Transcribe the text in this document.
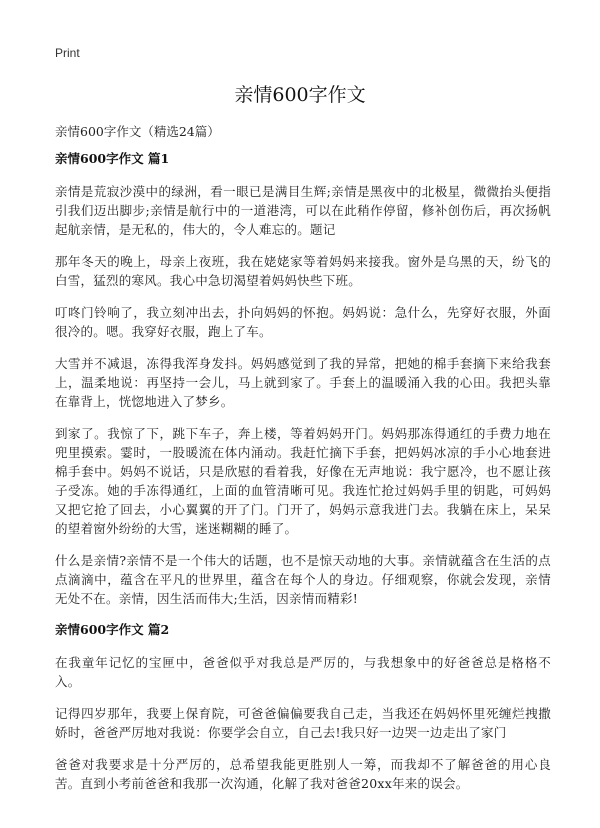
Print
亲情600字作文
亲情600字作文（精选24篇）
亲情600字作文 篇1

亲情是荒寂沙漠中的绿洲，看一眼已是满目生辉;亲情是黑夜中的北极星，微微抬头便指引我们迈出脚步;亲情是航行中的一道港湾，可以在此稍作停留，修补创伤后，再次扬帆起航亲情，是无私的，伟大的，令人难忘的。题记

那年冬天的晚上，母亲上夜班，我在姥姥家等着妈妈来接我。窗外是乌黑的天，纷飞的白雪，猛烈的寒风。我心中急切渴望着妈妈快些下班。

叮咚门铃响了，我立刻冲出去，扑向妈妈的怀抱。妈妈说：急什么，先穿好衣服，外面很冷的。嗯。我穿好衣服，跑上了车。

大雪并不减退，冻得我浑身发抖。妈妈感觉到了我的异常，把她的棉手套摘下来给我套上，温柔地说：再坚持一会儿，马上就到家了。手套上的温暖涌入我的心田。我把头靠在靠背上，恍惚地进入了梦乡。

到家了。我惊了下，跳下车子，奔上楼，等着妈妈开门。妈妈那冻得通红的手费力地在兜里摸索。霎时，一股暖流在体内涌动。我赶忙摘下手套，把妈妈冰凉的手小心地套进棉手套中。妈妈不说话，只是欣慰的看着我，好像在无声地说：我宁愿冷，也不愿让孩子受冻。她的手冻得通红，上面的血管清晰可见。我连忙抢过妈妈手里的钥匙，可妈妈又把它抢了回去，小心翼翼的开了门。门开了，妈妈示意我进门去。我躺在床上，呆呆的望着窗外纷纷的大雪，迷迷糊糊的睡了。

什么是亲情?亲情不是一个伟大的话题，也不是惊天动地的大事。亲情就蕴含在生活的点点滴滴中，蕴含在平凡的世界里，蕴含在每个人的身边。仔细观察，你就会发现，亲情无处不在。亲情，因生活而伟大;生活，因亲情而精彩!

亲情600字作文 篇2

在我童年记忆的宝匣中，爸爸似乎对我总是严厉的，与我想象中的好爸爸总是格格不入。

记得四岁那年，我要上保育院，可爸爸偏偏要我自己走，当我还在妈妈怀里死缠烂拽撒娇时，爸爸严厉地对我说：你要学会自立，自己去!我只好一边哭一边走出了家门

爸爸对我要求是十分严厉的，总希望我能更胜别人一筹，而我却不了解爸爸的用心良苦。直到小考前爸爸和我那一次沟通，化解了我对爸爸20xx年来的误会。
